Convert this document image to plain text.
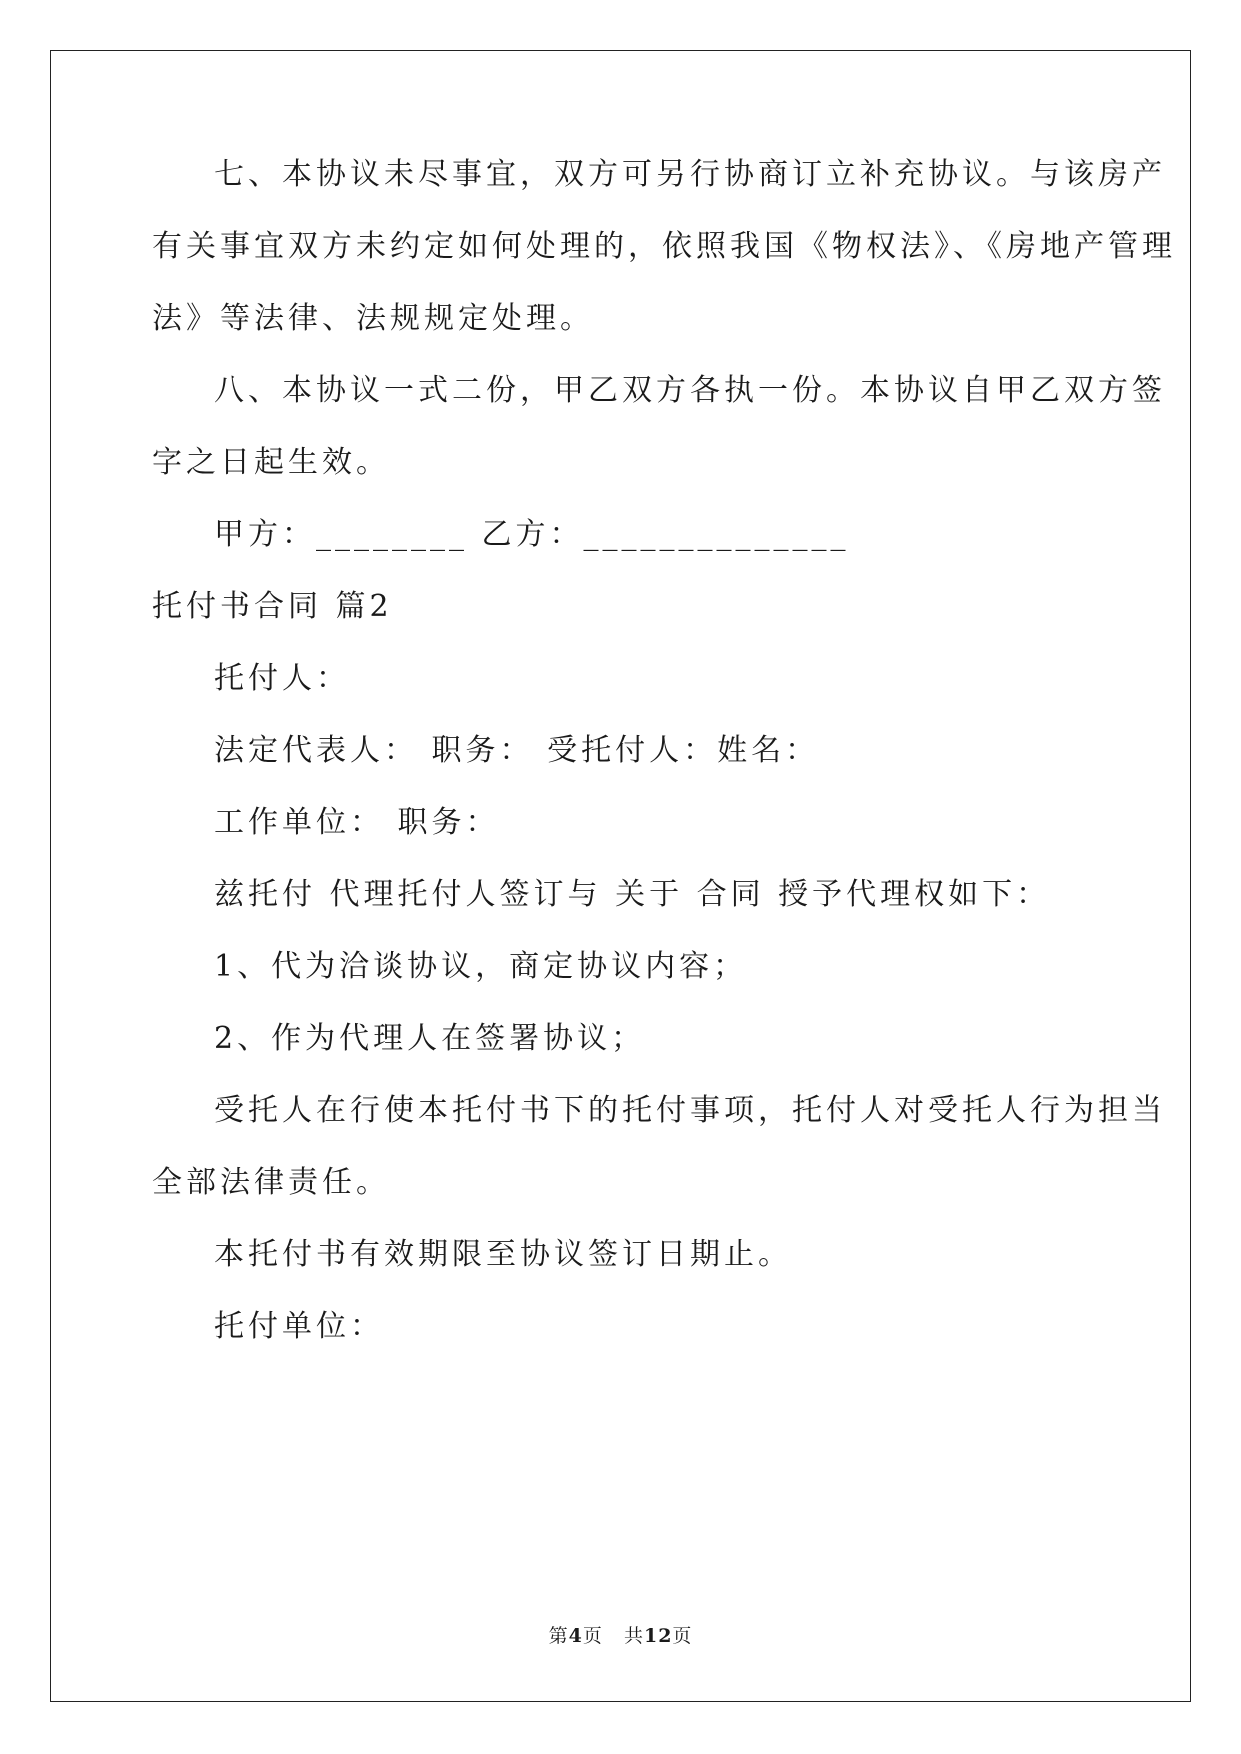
七、本协议未尽事宜，双方可另行协商订立补充协议。与该房产
有关事宜双方未约定如何处理的，依照我国《物权法》、《房地产管理
法》等法律、法规规定处理。
八、本协议一式二份，甲乙双方各执一份。本协议自甲乙双方签
字之日起生效。
甲方：________ 乙方：______________
托付书合同 篇2
托付人：
法定代表人： 职务： 受托付人：姓名：
工作单位： 职务：
兹托付 代理托付人签订与 关于 合同 授予代理权如下：
1、代为洽谈协议，商定协议内容；
2、作为代理人在签署协议；
受托人在行使本托付书下的托付事项，托付人对受托人行为担当
全部法律责任。
本托付书有效期限至协议签订日期止。
托付单位：
第4页 共12页
